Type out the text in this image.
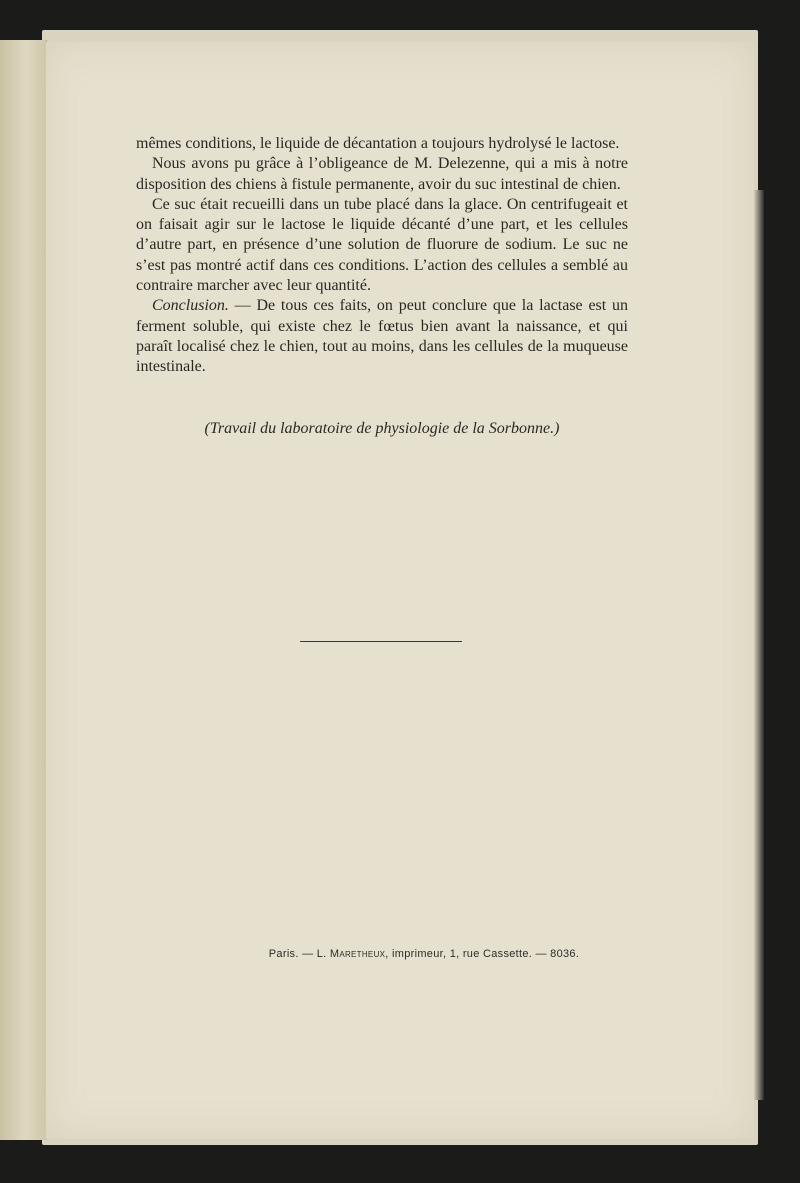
mêmes conditions, le liquide de décantation a toujours hydrolysé le lactose.

Nous avons pu grâce à l’obligeance de M. Delezenne, qui a mis à notre disposition des chiens à fistule permanente, avoir du suc intestinal de chien.

Ce suc était recueilli dans un tube placé dans la glace. On centrifugeait et on faisait agir sur le lactose le liquide décanté d’une part, et les cellules d’autre part, en présence d’une solution de fluorure de sodium. Le suc ne s’est pas montré actif dans ces conditions. L’action des cellules a semblé au contraire marcher avec leur quantité.

Conclusion. — De tous ces faits, on peut conclure que la lactase est un ferment soluble, qui existe chez le fœtus bien avant la naissance, et qui paraît localisé chez le chien, tout au moins, dans les cellules de la muqueuse intestinale.

(Travail du laboratoire de physiologie de la Sorbonne.)
Paris. — L. Maretheux, imprimeur, 1, rue Cassette. — 8036.
